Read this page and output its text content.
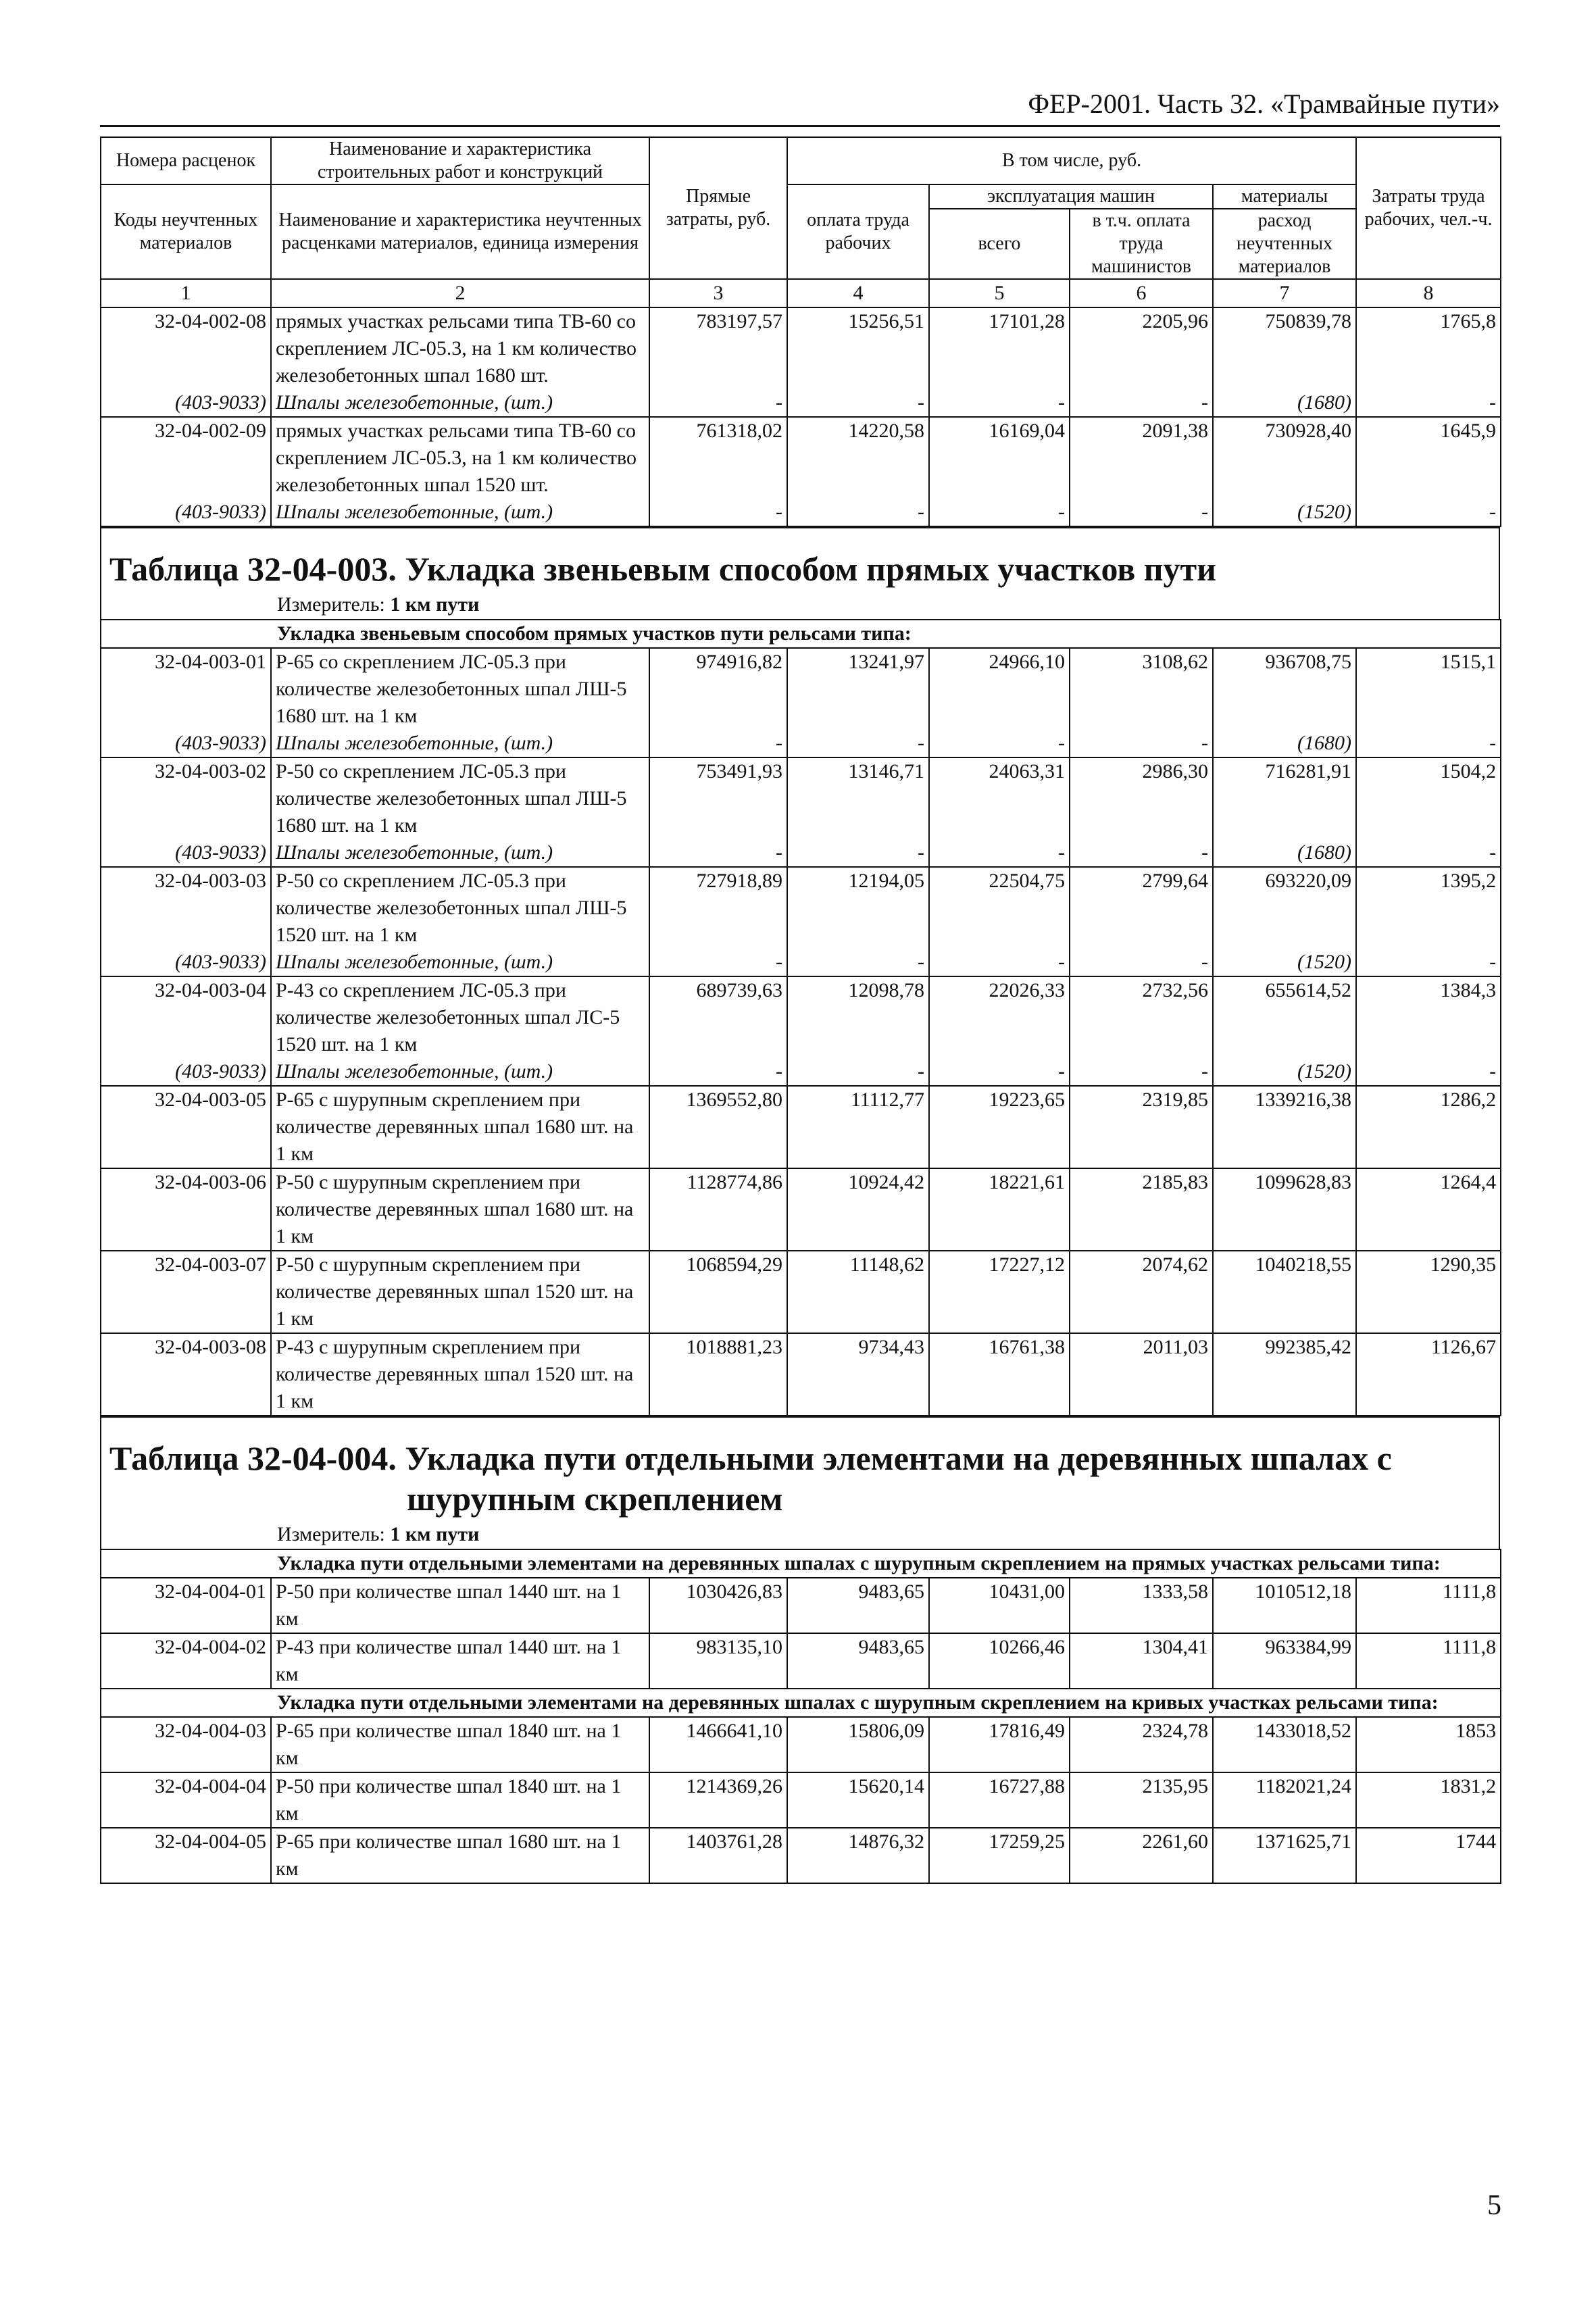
ФЕР-2001. Часть 32. «Трамвайные пути»
Номера расценок	Наименование и характеристика строительных работ и конструкций	Прямые затраты, руб.	В том числе, руб.				Затраты труда рабочих, чел.-ч.
Коды неучтенных материалов	Наименование и характеристика неучтенных расценками материалов, единица измерения		оплата труда рабочих	эксплуатация машин		материалы	
				всего	в т.ч. оплата труда машинистов	расход неучтенных материалов	
1	2	3	4	5	6	7	8
32-04-002-08	прямых участках рельсами типа ТВ-60 со скреплением ЛС-05.3, на 1 км количество железобетонных шпал 1680 шт.	783197,57	15256,51	17101,28	2205,96	750839,78	1765,8
(403-9033)	Шпалы железобетонные, (шт.)	-	-	-	-	(1680)	-
32-04-002-09	прямых участках рельсами типа ТВ-60 со скреплением ЛС-05.3, на 1 км количество железобетонных шпал 1520 шт.	761318,02	14220,58	16169,04	2091,38	730928,40	1645,9
(403-9033)	Шпалы железобетонные, (шт.)	-	-	-	-	(1520)	-
Таблица 32-04-003. Укладка звеньевым способом прямых участков пути
Измеритель: 1 км пути
Укладка звеньевым способом прямых участков пути рельсами типа:							
32-04-003-01	Р-65 со скреплением ЛС-05.3 при количестве железобетонных шпал ЛШ-5 1680 шт. на 1 км	974916,82	13241,97	24966,10	3108,62	936708,75	1515,1
(403-9033)	Шпалы железобетонные, (шт.)	-	-	-	-	(1680)	-
32-04-003-02	Р-50 со скреплением ЛС-05.3 при количестве железобетонных шпал ЛШ-5 1680 шт. на 1 км	753491,93	13146,71	24063,31	2986,30	716281,91	1504,2
(403-9033)	Шпалы железобетонные, (шт.)	-	-	-	-	(1680)	-
32-04-003-03	Р-50 со скреплением ЛС-05.3 при количестве железобетонных шпал ЛШ-5 1520 шт. на 1 км	727918,89	12194,05	22504,75	2799,64	693220,09	1395,2
(403-9033)	Шпалы железобетонные, (шт.)	-	-	-	-	(1520)	-
32-04-003-04	Р-43 со скреплением ЛС-05.3 при количестве железобетонных шпал ЛС-5 1520 шт. на 1 км	689739,63	12098,78	22026,33	2732,56	655614,52	1384,3
(403-9033)	Шпалы железобетонные, (шт.)	-	-	-	-	(1520)	-
32-04-003-05	Р-65 с шурупным скреплением при количестве деревянных шпал 1680 шт. на 1 км	1369552,80	11112,77	19223,65	2319,85	1339216,38	1286,2
32-04-003-06	Р-50 с шурупным скреплением при количестве деревянных шпал 1680 шт. на 1 км	1128774,86	10924,42	18221,61	2185,83	1099628,83	1264,4
32-04-003-07	Р-50 с шурупным скреплением при количестве деревянных шпал 1520 шт. на 1 км	1068594,29	11148,62	17227,12	2074,62	1040218,55	1290,35
32-04-003-08	Р-43 с шурупным скреплением при количестве деревянных шпал 1520 шт. на 1 км	1018881,23	9734,43	16761,38	2011,03	992385,42	1126,67
Таблица 32-04-004. Укладка пути отдельными элементами на деревянных шпалах с
шурупным скреплением
Измеритель: 1 км пути
Укладка пути отдельными элементами на деревянных шпалах с шурупным скреплением на прямых участках рельсами типа:							
32-04-004-01	Р-50 при количестве шпал 1440 шт. на 1 км	1030426,83	9483,65	10431,00	1333,58	1010512,18	1111,8
32-04-004-02	Р-43 при количестве шпал 1440 шт. на 1 км	983135,10	9483,65	10266,46	1304,41	963384,99	1111,8
Укладка пути отдельными элементами на деревянных шпалах с шурупным скреплением на кривых участках рельсами типа:							
32-04-004-03	Р-65 при количестве шпал 1840 шт. на 1 км	1466641,10	15806,09	17816,49	2324,78	1433018,52	1853
32-04-004-04	Р-50 при количестве шпал 1840 шт. на 1 км	1214369,26	15620,14	16727,88	2135,95	1182021,24	1831,2
32-04-004-05	Р-65 при количестве шпал 1680 шт. на 1 км	1403761,28	14876,32	17259,25	2261,60	1371625,71	1744
5
